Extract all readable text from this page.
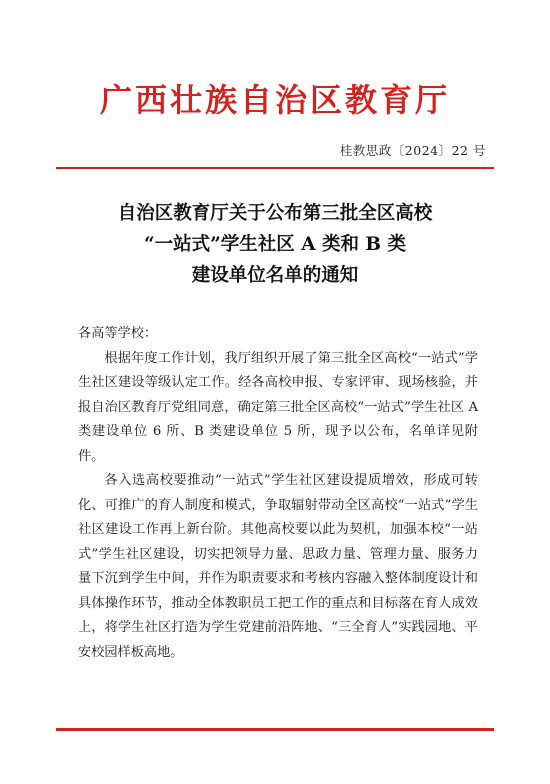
广西壮族自治区教育厅
桂教思政〔2024〕22 号
自治区教育厅关于公布第三批全区高校
“一站式”学生社区 A 类和 B 类
建设单位名单的通知

各高等学校：

根据年度工作计划，我厅组织开展了第三批全区高校“一站式”学生社区建设等级认定工作。经各高校申报、专家评审、现场核验，并报自治区教育厅党组同意，确定第三批全区高校“一站式”学生社区 A 类建设单位 6 所、B 类建设单位 5 所，现予以公布，名单详见附件。

各入选高校要推动“一站式”学生社区建设提质增效，形成可转化、可推广的育人制度和模式，争取辐射带动全区高校“一站式”学生社区建设工作再上新台阶。其他高校要以此为契机，加强本校“一站式”学生社区建设，切实把领导力量、思政力量、管理力量、服务力量下沉到学生中间，并作为职责要求和考核内容融入整体制度设计和具体操作环节，推动全体教职员工把工作的重点和目标落在育人成效上，将学生社区打造为学生党建前沿阵地、“三全育人”实践园地、平安校园样板高地。
